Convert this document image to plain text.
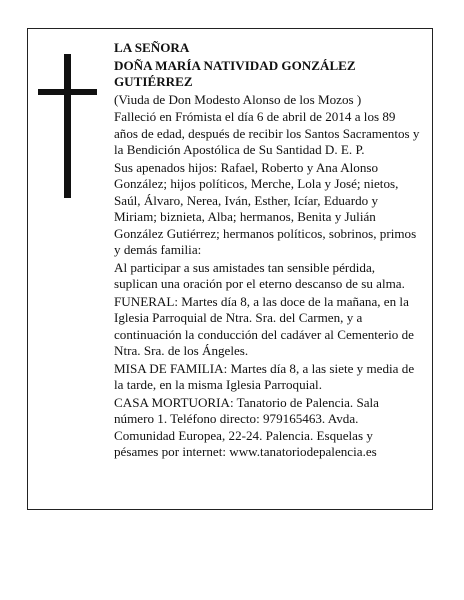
LA SEÑORA

DOÑA MARÍA NATIVIDAD GONZÁLEZ GUTIÉRREZ

(Viuda de Don Modesto Alonso de los Mozos )

Falleció en Frómista el día 6 de abril de 2014 a los 89 años de edad, después de recibir los Santos Sacramentos y la Bendición Apostólica de Su Santidad D. E. P.

Sus apenados hijos: Rafael, Roberto y Ana Alonso González; hijos políticos, Merche, Lola y José; nietos, Saúl, Álvaro, Nerea, Iván, Esther, Icíar, Eduardo y Miriam; biznieta, Alba; hermanos, Benita y Julián González Gutiérrez; hermanos políticos, sobrinos, primos y demás familia:

Al participar a sus amistades tan sensible pérdida, suplican una oración por el eterno descanso de su alma.

FUNERAL: Martes día 8, a las doce de la mañana, en la Iglesia Parroquial de Ntra. Sra. del Carmen, y a continuación la conducción del cadáver al Cementerio de Ntra. Sra. de los Ángeles.

MISA DE FAMILIA: Martes día 8, a las siete y media de la tarde, en la misma Iglesia Parroquial.

CASA MORTUORIA: Tanatorio de Palencia. Sala número 1. Teléfono directo: 979165463. Avda. Comunidad Europea, 22-24. Palencia. Esquelas y pésames por internet: www.tanatoriodepalencia.es
